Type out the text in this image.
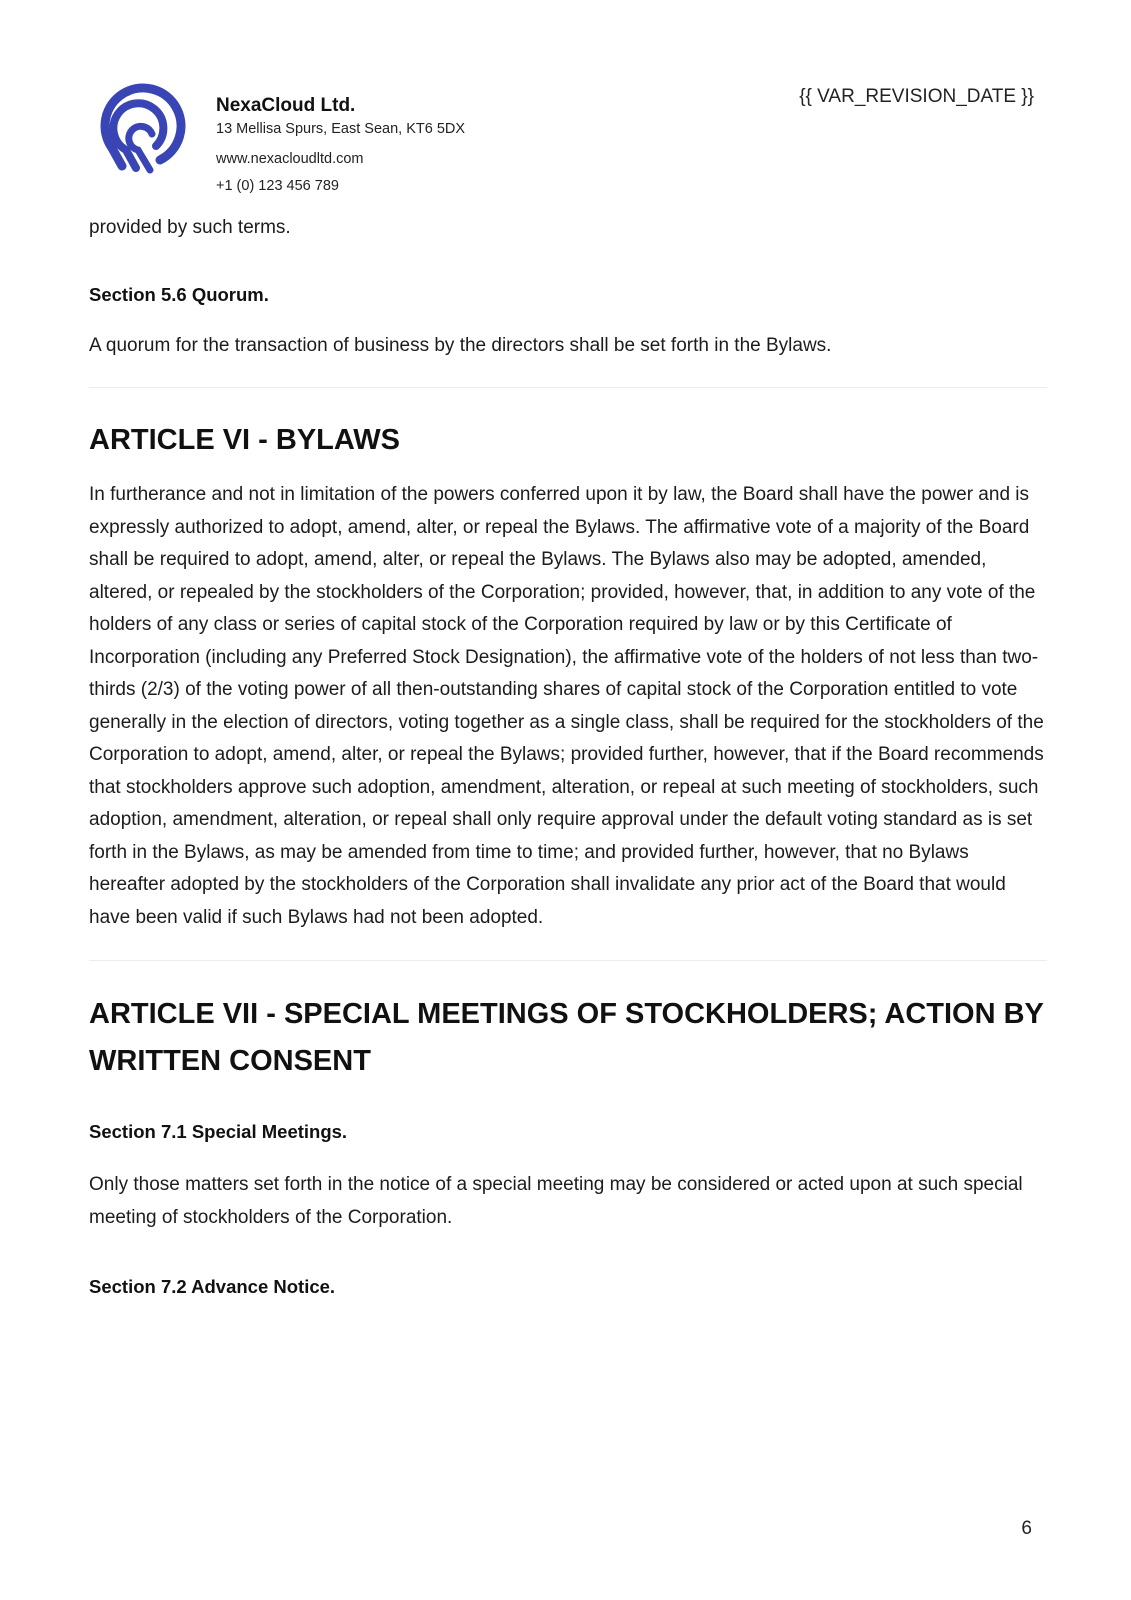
NexaCloud Ltd.
13 Mellisa Spurs, East Sean, KT6 5DX
www.nexacloudltd.com
+1 (0) 123 456 789
{{ VAR_REVISION_DATE }}

provided by such terms.

Section 5.6 Quorum.

A quorum for the transaction of business by the directors shall be set forth in the Bylaws.

ARTICLE VI - BYLAWS

In furtherance and not in limitation of the powers conferred upon it by law, the Board shall have the power and is expressly authorized to adopt, amend, alter, or repeal the Bylaws. The affirmative vote of a majority of the Board shall be required to adopt, amend, alter, or repeal the Bylaws. The Bylaws also may be adopted, amended, altered, or repealed by the stockholders of the Corporation; provided, however, that, in addition to any vote of the holders of any class or series of capital stock of the Corporation required by law or by this Certificate of Incorporation (including any Preferred Stock Designation), the affirmative vote of the holders of not less than two-thirds (2/3) of the voting power of all then-outstanding shares of capital stock of the Corporation entitled to vote generally in the election of directors, voting together as a single class, shall be required for the stockholders of the Corporation to adopt, amend, alter, or repeal the Bylaws; provided further, however, that if the Board recommends that stockholders approve such adoption, amendment, alteration, or repeal at such meeting of stockholders, such adoption, amendment, alteration, or repeal shall only require approval under the default voting standard as is set forth in the Bylaws, as may be amended from time to time; and provided further, however, that no Bylaws hereafter adopted by the stockholders of the Corporation shall invalidate any prior act of the Board that would have been valid if such Bylaws had not been adopted.

ARTICLE VII - SPECIAL MEETINGS OF STOCKHOLDERS; ACTION BY WRITTEN CONSENT
Section 7.1 Special Meetings.

Only those matters set forth in the notice of a special meeting may be considered or acted upon at such special meeting of stockholders of the Corporation.

Section 7.2 Advance Notice.
6
